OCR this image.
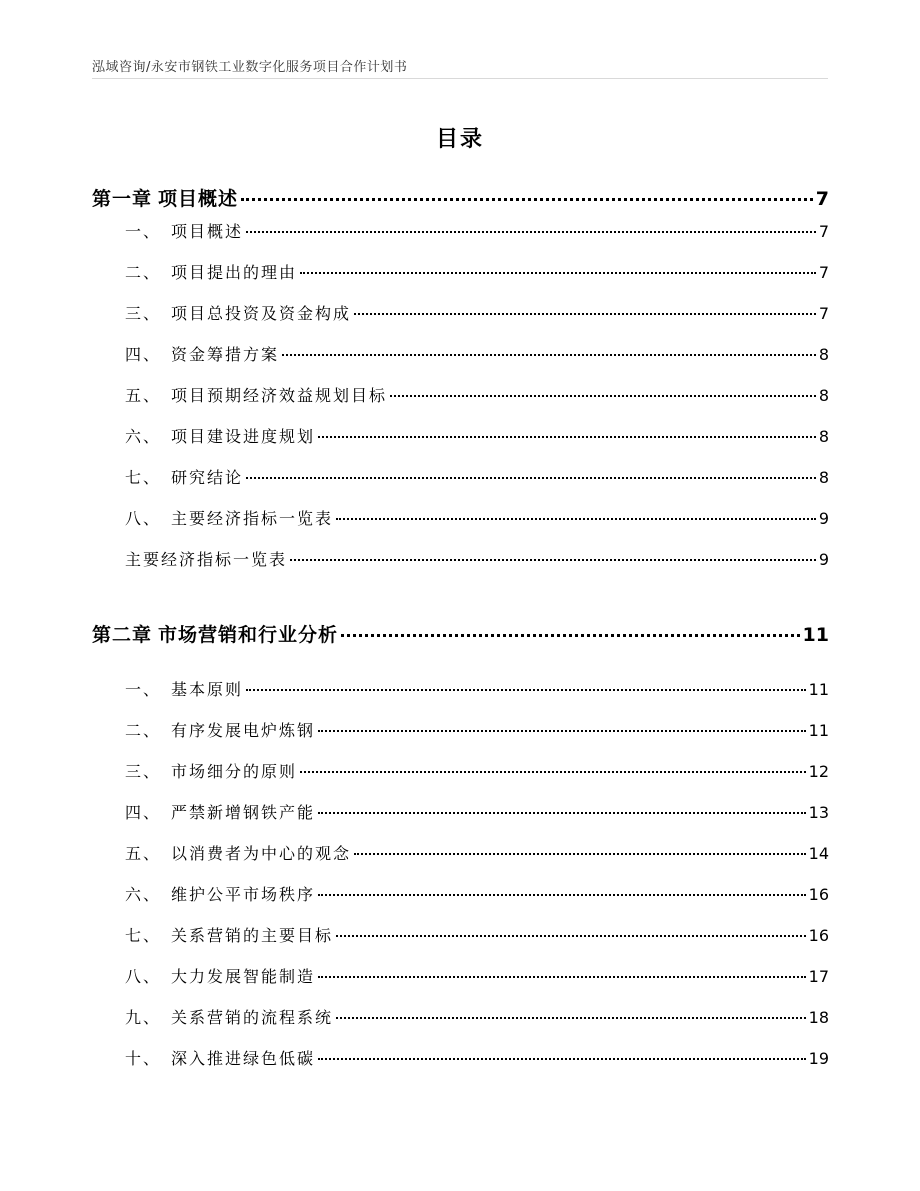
泓域咨询/永安市钢铁工业数字化服务项目合作计划书
目录
第一章 项目概述	7
一、 项目概述	7
二、 项目提出的理由	7
三、 项目总投资及资金构成	7
四、 资金筹措方案	8
五、 项目预期经济效益规划目标	8
六、 项目建设进度规划	8
七、 研究结论	8
八、 主要经济指标一览表	9
主要经济指标一览表	9
第二章 市场营销和行业分析	11
一、 基本原则	11
二、 有序发展电炉炼钢	11
三、 市场细分的原则	12
四、 严禁新增钢铁产能	13
五、 以消费者为中心的观念	14
六、 维护公平市场秩序	16
七、 关系营销的主要目标	16
八、 大力发展智能制造	17
九、 关系营销的流程系统	18
十、 深入推进绿色低碳	19
